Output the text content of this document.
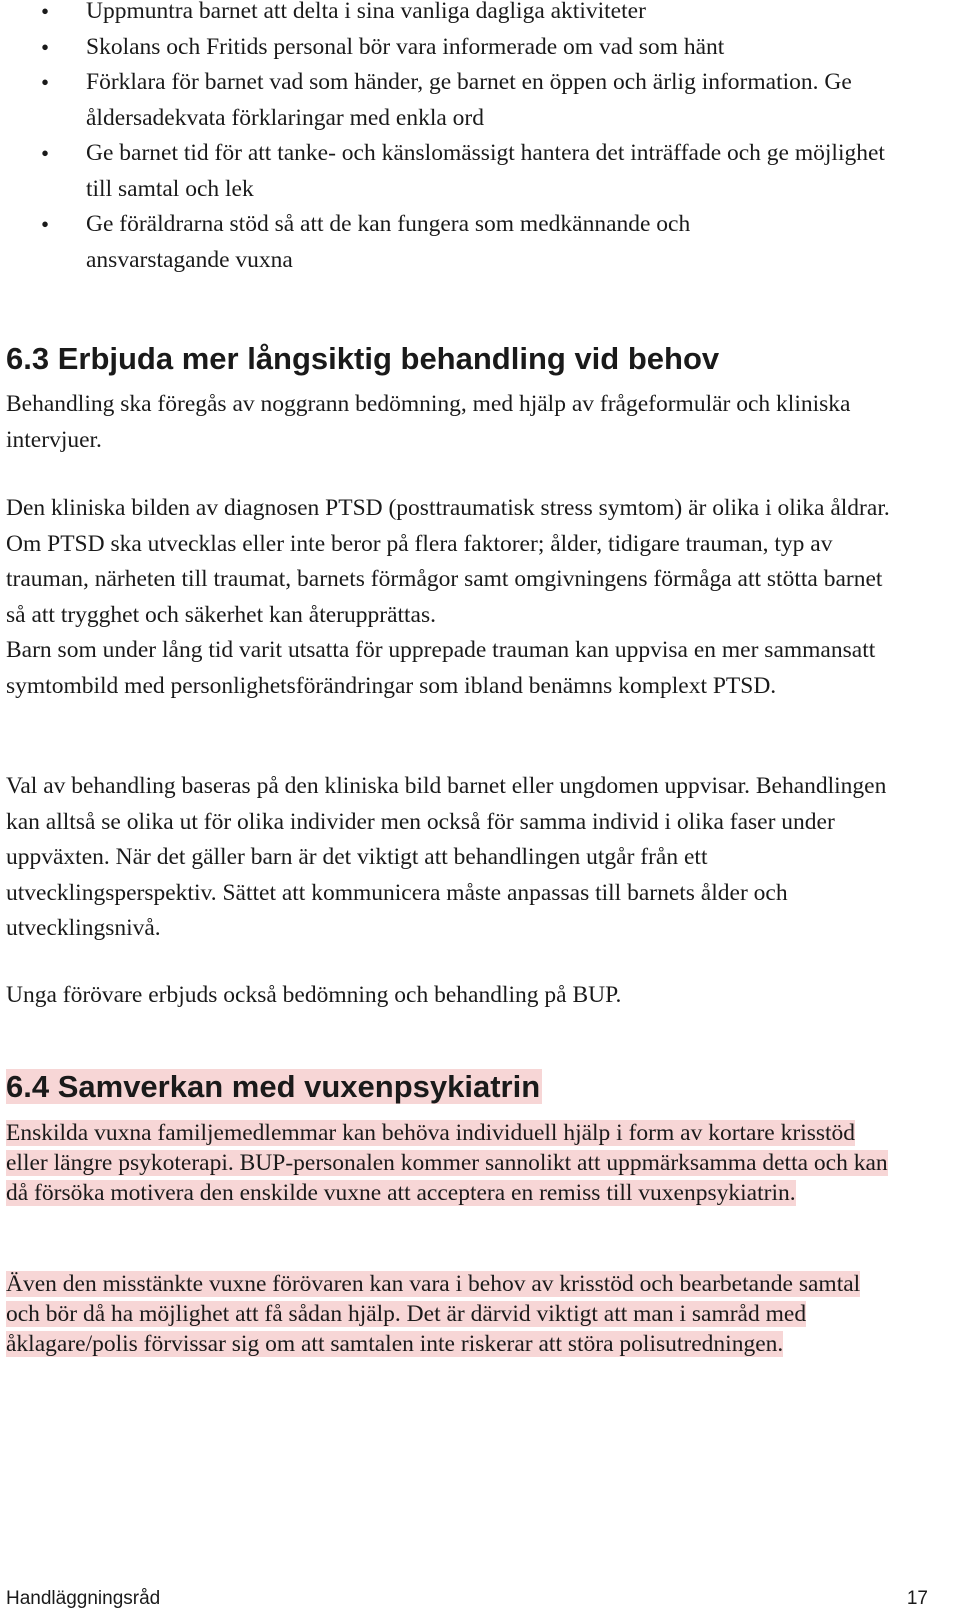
• Uppmuntra barnet att delta i sina vanliga dagliga aktiviteter
• Skolans och Fritids personal bör vara informerade om vad som hänt
• Förklara för barnet vad som händer, ge barnet en öppen och ärlig information. Ge åldersadekvata förklaringar med enkla ord
• Ge barnet tid för att tanke- och känslomässigt hantera det inträffade och ge möjlighet till samtal och lek
• Ge föräldrarna stöd så att de kan fungera som medkännande och ansvarstagande vuxna
6.3 Erbjuda mer långsiktig behandling vid behov

Behandling ska föregås av noggrann bedömning, med hjälp av frågeformulär och kliniska intervjuer.

Den kliniska bilden av diagnosen PTSD (posttraumatisk stress symtom) är olika i olika åldrar. Om PTSD ska utvecklas eller inte beror på flera faktorer; ålder, tidigare trauman, typ av trauman, närheten till traumat, barnets förmågor samt omgivningens förmåga att stötta barnet så att trygghet och säkerhet kan återupprättas.
Barn som under lång tid varit utsatta för upprepade trauman kan uppvisa en mer sammansatt symtombild med personlighetsförändringar som ibland benämns komplext PTSD.

Val av behandling baseras på den kliniska bild barnet eller ungdomen uppvisar. Behandlingen kan alltså se olika ut för olika individer men också för samma individ i olika faser under uppväxten. När det gäller barn är det viktigt att behandlingen utgår från ett utvecklingsperspektiv. Sättet att kommunicera måste anpassas till barnets ålder och utvecklingsnivå.

Unga förövare erbjuds också bedömning och behandling på BUP.

6.4 Samverkan med vuxenpsykiatrin

Enskilda vuxna familjemedlemmar kan behöva individuell hjälp i form av kortare krisstöd eller längre psykoterapi. BUP-personalen kommer sannolikt att uppmärksamma detta och kan då försöka motivera den enskilde vuxne att acceptera en remiss till vuxenpsykiatrin.

Även den misstänkte vuxne förövaren kan vara i behov av krisstöd och bearbetande samtal och bör då ha möjlighet att få sådan hjälp. Det är därvid viktigt att man i samråd med åklagare/polis förvissar sig om att samtalen inte riskerar att störa polisutredningen.

Handläggningsråd	17
